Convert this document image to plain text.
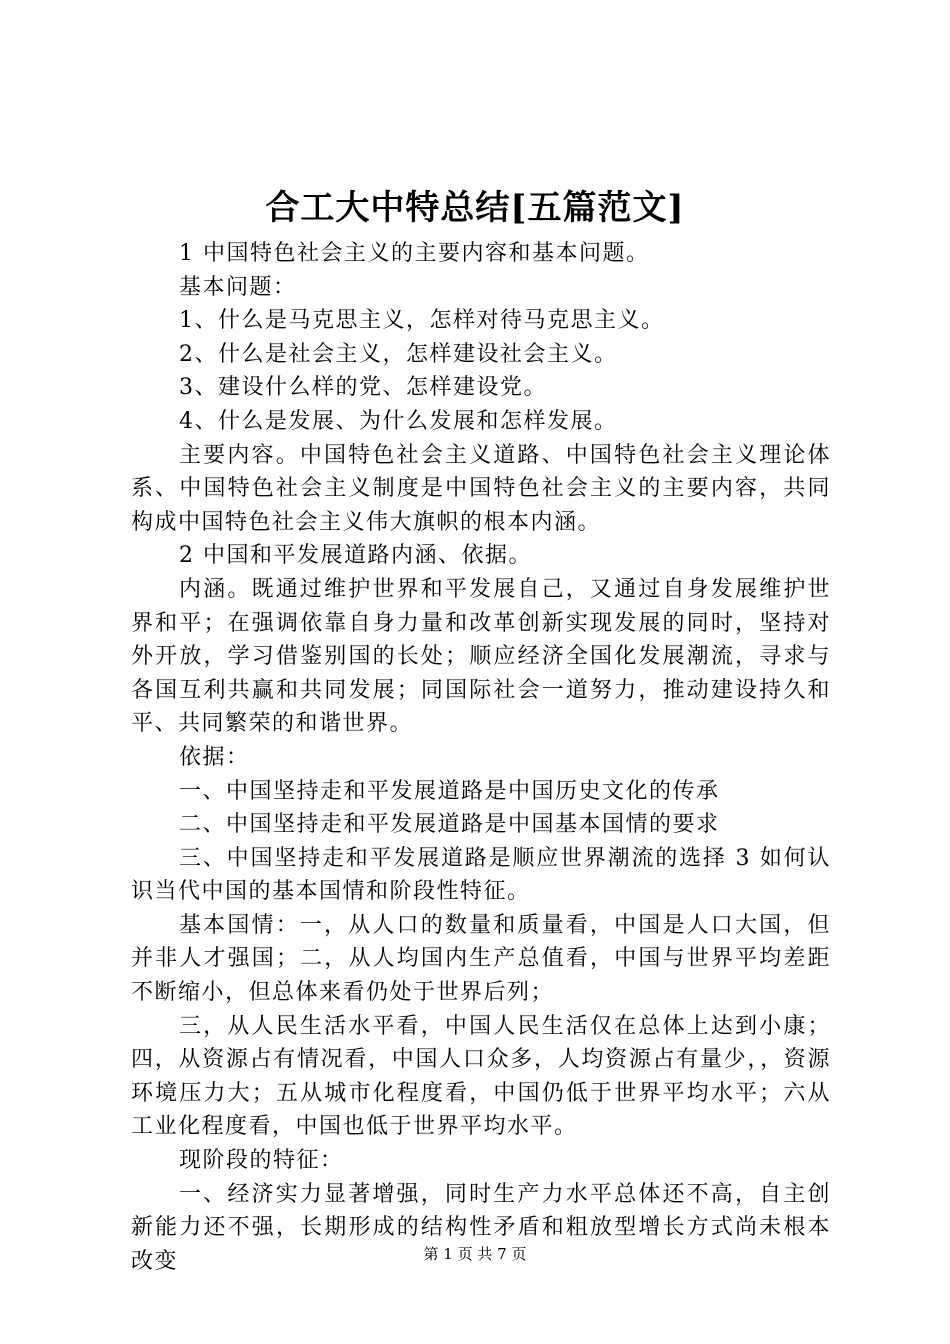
合工大中特总结[五篇范文]

1 中国特色社会主义的主要内容和基本问题。

基本问题：

1、什么是马克思主义，怎样对待马克思主义。

2、什么是社会主义，怎样建设社会主义。

3、建设什么样的党、怎样建设党。

4、什么是发展、为什么发展和怎样发展。

主要内容。中国特色社会主义道路、中国特色社会主义理论体系、中国特色社会主义制度是中国特色社会主义的主要内容，共同构成中国特色社会主义伟大旗帜的根本内涵。

2 中国和平发展道路内涵、依据。

内涵。既通过维护世界和平发展自己，又通过自身发展维护世界和平；在强调依靠自身力量和改革创新实现发展的同时，坚持对外开放，学习借鉴别国的长处；顺应经济全国化发展潮流，寻求与各国互利共赢和共同发展；同国际社会一道努力，推动建设持久和平、共同繁荣的和谐世界。

依据：

一、中国坚持走和平发展道路是中国历史文化的传承

二、中国坚持走和平发展道路是中国基本国情的要求

三、中国坚持走和平发展道路是顺应世界潮流的选择 3 如何认识当代中国的基本国情和阶段性特征。

基本国情：一，从人口的数量和质量看，中国是人口大国，但并非人才强国；二，从人均国内生产总值看，中国与世界平均差距不断缩小，但总体来看仍处于世界后列；

三，从人民生活水平看，中国人民生活仅在总体上达到小康；四，从资源占有情况看，中国人口众多，人均资源占有量少，，资源环境压力大；五从城市化程度看，中国仍低于世界平均水平；六从工业化程度看，中国也低于世界平均水平。

现阶段的特征：

一、经济实力显著增强，同时生产力水平总体还不高，自主创新能力还不强，长期形成的结构性矛盾和粗放型增长方式尚未根本改变	第 1 页 共 7 页
